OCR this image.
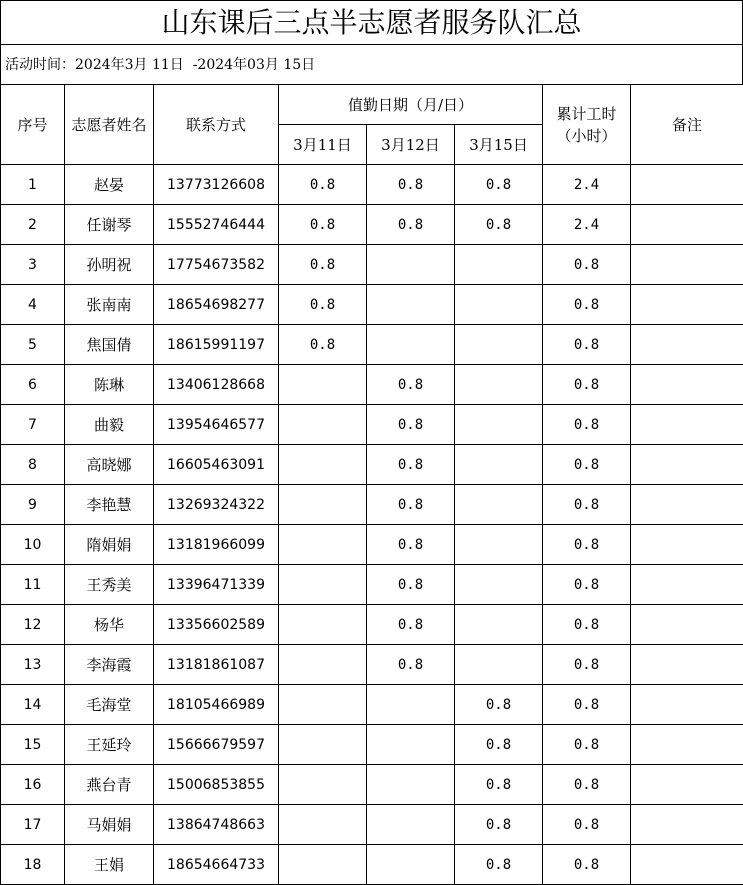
山东课后三点半志愿者服务队汇总
活动时间：2024年3月 11日  -2024年03月 15日
序号	志愿者姓名	联系方式	值勤日期（月/日）			累计工时（小时）	备注
			3月11日	3月12日	3月15日		
1	赵晏	13773126608	0.8	0.8	0.8	2.4	
2	任谢琴	15552746444	0.8	0.8	0.8	2.4	
3	孙明祝	17754673582	0.8			0.8	
4	张南南	18654698277	0.8			0.8	
5	焦国倩	18615991197	0.8			0.8	
6	陈琳	13406128668		0.8		0.8	
7	曲毅	13954646577		0.8		0.8	
8	高晓娜	16605463091		0.8		0.8	
9	李艳慧	13269324322		0.8		0.8	
10	隋娟娟	13181966099		0.8		0.8	
11	王秀美	13396471339		0.8		0.8	
12	杨华	13356602589		0.8		0.8	
13	李海霞	13181861087		0.8		0.8	
14	毛海堂	18105466989			0.8	0.8	
15	王延玲	15666679597			0.8	0.8	
16	燕台青	15006853855			0.8	0.8	
17	马娟娟	13864748663			0.8	0.8	
18	王娟	18654664733			0.8	0.8	
